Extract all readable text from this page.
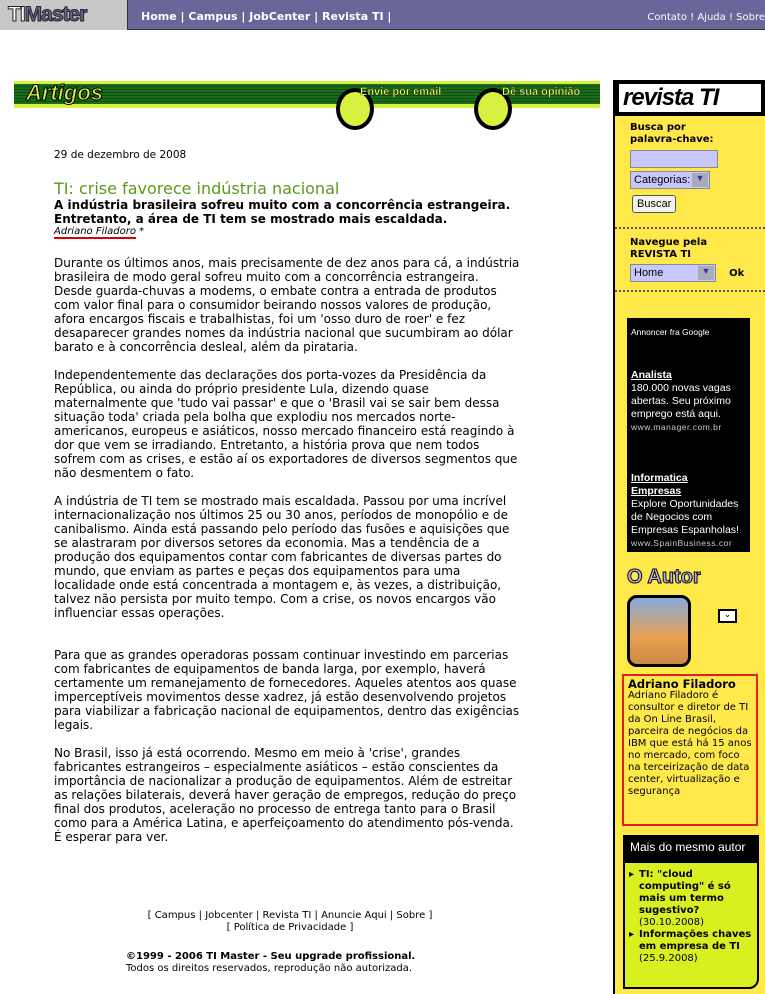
TIMaster	Home | Campus | JobCenter | Revista TI |	Contato ! Ajuda ! Sobre
Artigos	Envie por email	Dê sua opinião
29 de dezembro de 2008
TI: crise favorece indústria nacional
A indústria brasileira sofreu muito com a concorrência estrangeira. Entretanto, a área de TI tem se mostrado mais escaldada.
Adriano Filadoro *

Durante os últimos anos, mais precisamente de dez anos para cá, a indústria brasileira de modo geral sofreu muito com a concorrência estrangeira. Desde guarda-chuvas a modems, o embate contra a entrada de produtos com valor final para o consumidor beirando nossos valores de produção, afora encargos fiscais e trabalhistas, foi um 'osso duro de roer' e fez desaparecer grandes nomes da indústria nacional que sucumbiram ao dólar barato e à concorrência desleal, além da pirataria.

Independentemente das declarações dos porta-vozes da Presidência da República, ou ainda do próprio presidente Lula, dizendo quase maternalmente que 'tudo vai passar' e que o 'Brasil vai se sair bem dessa situação toda' criada pela bolha que explodiu nos mercados norte-americanos, europeus e asiáticos, nosso mercado financeiro está reagindo à dor que vem se irradiando. Entretanto, a história prova que nem todos sofrem com as crises, e estão aí os exportadores de diversos segmentos que não desmentem o fato.

A indústria de TI tem se mostrado mais escaldada. Passou por uma incrível internacionalização nos últimos 25 ou 30 anos, períodos de monopólio e de canibalismo. Ainda está passando pelo período das fusões e aquisições que se alastraram por diversos setores da economia. Mas a tendência de a produção dos equipamentos contar com fabricantes de diversas partes do mundo, que enviam as partes e peças dos equipamentos para uma localidade onde está concentrada a montagem e, às vezes, a distribuição, talvez não persista por muito tempo. Com a crise, os novos encargos vão influenciar essas operações.

Para que as grandes operadoras possam continuar investindo em parcerias com fabricantes de equipamentos de banda larga, por exemplo, haverá certamente um remanejamento de fornecedores. Aqueles atentos aos quase imperceptíveis movimentos desse xadrez, já estão desenvolvendo projetos para viabilizar a fabricação nacional de equipamentos, dentro das exigências legais.

No Brasil, isso já está ocorrendo. Mesmo em meio à 'crise', grandes fabricantes estrangeiros – especialmente asiáticos – estão conscientes da importância de nacionalizar a produção de equipamentos. Além de estreitar as relações bilaterais, deverá haver geração de empregos, redução do preço final dos produtos, aceleração no processo de entrega tanto para o Brasil como para a América Latina, e aperfeiçoamento do atendimento pós-venda. É esperar para ver.

[ Campus | Jobcenter | Revista TI | Anuncie Aqui | Sobre ]
[ Política de Privacidade ]
©1999 - 2006 TI Master - Seu upgrade profissional.
Todos os direitos reservados, reprodução não autorizada.
revista TI
Busca por palavra-chave:
Categorias: ▼

Buscar
Navegue pela REVISTA TI
Home	▼	Ok
Annoncer fra Google
Analista
180.000 novas vagas abertas. Seu próximo emprego está aqui.
www.manager.com.br
Informatica Empresas
Explore Oportunidades de Negocios com Empresas Espanholas!
www.SpainBusiness.cor
O Autor
⌄
Adriano Filadoro
Adriano Filadoro é consultor e diretor de TI da On Line Brasil, parceira de negócios da IBM que está há 15 anos no mercado, com foco na terceirização de data center, virtualização e segurança
Mais do mesmo autor
▸ TI: "cloud computing" é só mais um termo sugestivo?
(30.10.2008)
▸ Informações chaves em empresa de TI
(25.9.2008)
